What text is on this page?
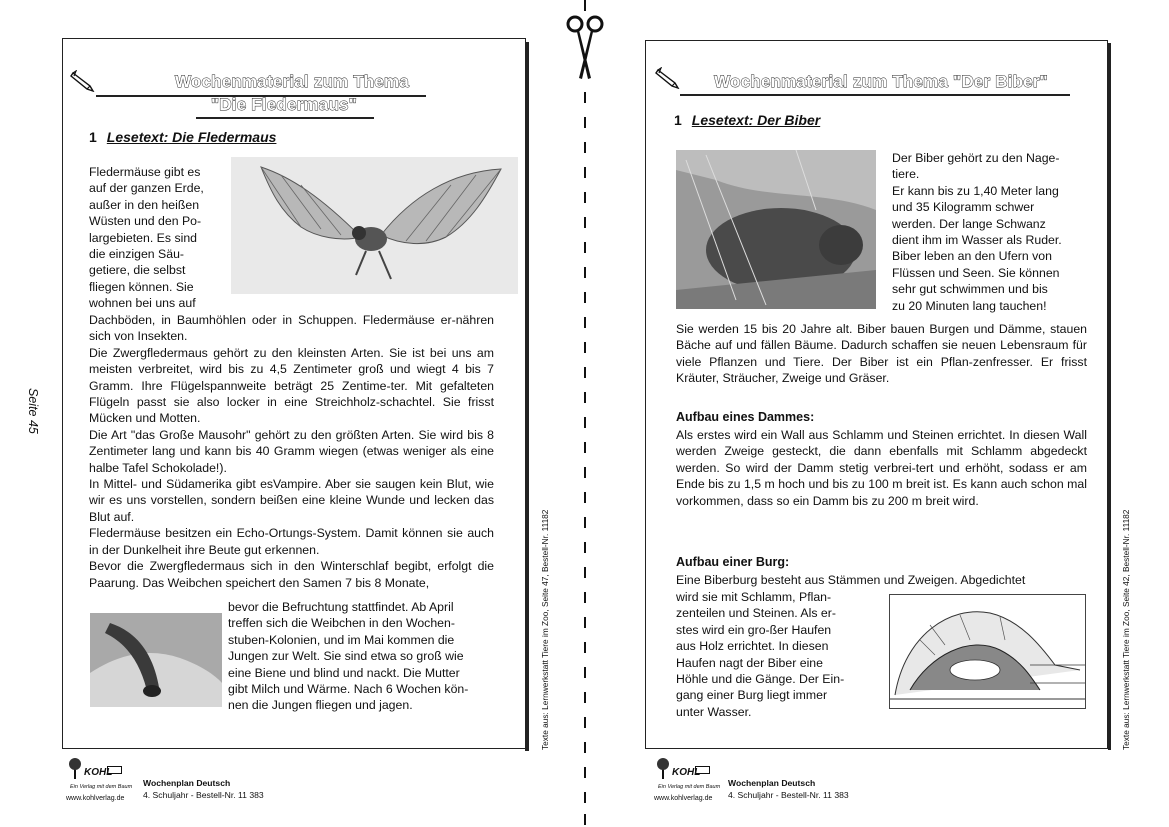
Seite 45
Wochenmaterial zum Thema
"Die Fledermaus"
1 Lesetext: Die Fledermaus
Fledermäuse gibt es
auf der ganzen Erde,
außer in den heißen
Wüsten und den Po-
largebieten. Es sind
die einzigen Säu-
getiere, die selbst
fliegen können. Sie
wohnen bei uns auf
Dachböden, in Baumhöhlen oder in Schuppen. Fledermäuse er-nähren sich von Insekten.
Die Zwergfledermaus gehört zu den kleinsten Arten. Sie ist bei uns am meisten verbreitet, wird bis zu 4,5 Zentimeter groß und wiegt 4 bis 7 Gramm. Ihre Flügelspannweite beträgt 25 Zentime-ter. Mit gefalteten Flügeln passt sie also locker in eine Streichholz-schachtel. Sie frisst Mücken und Motten.
Die Art "das Große Mausohr" gehört zu den größten Arten. Sie wird bis 8 Zentimeter lang und kann bis 40 Gramm wiegen (etwas weniger als eine halbe Tafel Schokolade!).
In Mittel- und Südamerika gibt esVampire. Aber sie saugen kein Blut, wie wir es uns vorstellen, sondern beißen eine kleine Wunde und lecken das Blut auf.
Fledermäuse besitzen ein Echo-Ortungs-System. Damit können sie auch in der Dunkelheit ihre Beute gut erkennen.
Bevor die Zwergfledermaus sich in den Winterschlaf begibt, erfolgt die Paarung. Das Weibchen speichert den Samen 7 bis 8 Monate,
bevor die Befruchtung stattfindet. Ab April
treffen sich die Weibchen in den Wochen-
stuben-Kolonien, und im Mai kommen die
Jungen zur Welt. Sie sind etwa so groß wie
eine Biene und blind und nackt. Die Mutter
gibt Milch und Wärme. Nach 6 Wochen kön-
nen die Jungen fliegen und jagen.	Texte aus: Lernwerkstatt Tiere im Zoo, Seite 47, Bestell-Nr. 11182
KOHL
Ein Verlag mit dem Baum
www.kohlverlag.de
Wochenplan Deutsch
4. Schuljahr - Bestell-Nr. 11 383
Wochenmaterial zum Thema "Der Biber"
1 Lesetext: Der Biber
Der Biber gehört zu den Nage-
tiere.
Er kann bis zu 1,40 Meter lang
und 35 Kilogramm schwer
werden. Der lange Schwanz
dient ihm im Wasser als Ruder.
Biber leben an den Ufern von
Flüssen und Seen. Sie können
sehr gut schwimmen und bis
zu 20 Minuten lang tauchen!
Sie werden 15 bis 20 Jahre alt. Biber bauen Burgen und Dämme, stauen Bäche auf und fällen Bäume. Dadurch schaffen sie neuen Lebensraum für viele Pflanzen und Tiere. Der Biber ist ein Pflan-zenfresser. Er frisst Kräuter, Sträucher, Zweige und Gräser.
Aufbau eines Dammes:
Als erstes wird ein Wall aus Schlamm und Steinen errichtet. In diesen Wall werden Zweige gesteckt, die dann ebenfalls mit Schlamm abgedeckt werden. So wird der Damm stetig verbrei-tert und erhöht, sodass er am Ende bis zu 1,5 m hoch und bis zu 100 m breit ist. Es kann auch schon mal vorkommen, dass so ein Damm bis zu 200 m breit wird.
Aufbau einer Burg:
Eine Biberburg besteht aus Stämmen und Zweigen. Abgedichtet
wird sie mit Schlamm, Pflan-
zenteilen und Steinen. Als er-
stes wird ein gro-ßer Haufen
aus Holz errichtet. In diesen
Haufen nagt der Biber eine
Höhle und die Gänge. Der Ein-
gang einer Burg liegt immer
unter Wasser.	Texte aus: Lernwerkstatt Tiere im Zoo, Seite 42, Bestell-Nr. 11182
KOHL
Ein Verlag mit dem Baum
www.kohlverlag.de
Wochenplan Deutsch
4. Schuljahr - Bestell-Nr. 11 383
